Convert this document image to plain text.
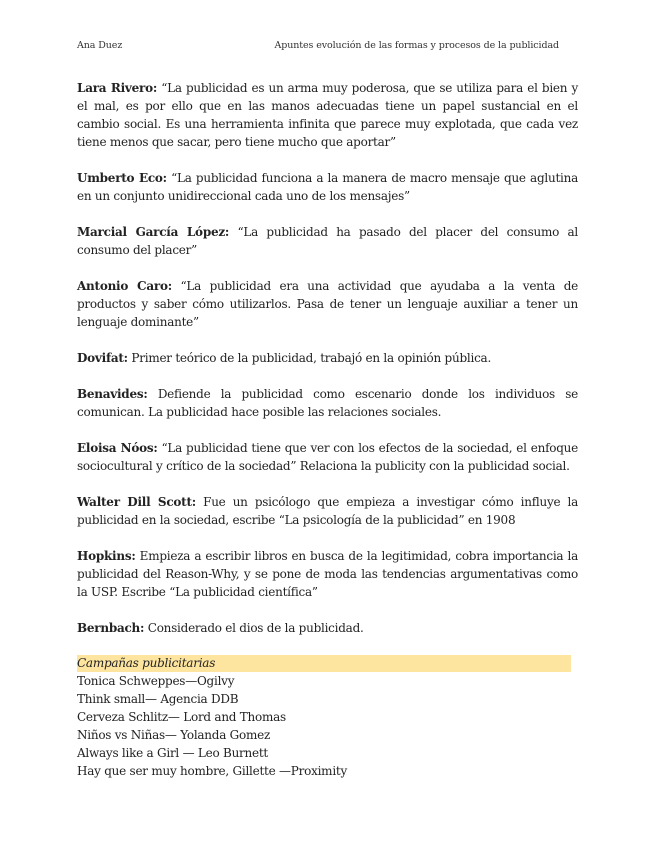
Ana Duez	Apuntes evolución de las formas y procesos de la publicidad

Lara Rivero: “La publicidad es un arma muy poderosa, que se utiliza para el bien y el mal, es por ello que en las manos adecuadas tiene un papel sustancial en el cambio social. Es una herramienta infinita que parece muy explotada, que cada vez tiene menos que sacar, pero tiene mucho que aportar”

Umberto Eco: “La publicidad funciona a la manera de macro mensaje que aglutina en un conjunto unidireccional cada uno de los mensajes”

Marcial García López: “La publicidad ha pasado del placer del consumo al consumo del placer”

Antonio Caro: “La publicidad era una actividad que ayudaba a la venta de productos y saber cómo utilizarlos. Pasa de tener un lenguaje auxiliar a tener un lenguaje dominante”

Dovifat: Primer teórico de la publicidad, trabajó en la opinión pública.

Benavides: Defiende la publicidad como escenario donde los individuos se comunican. La publicidad hace posible las relaciones sociales.

Eloisa Nóos: “La publicidad tiene que ver con los efectos de la sociedad, el enfoque sociocultural y crítico de la sociedad” Relaciona la publicity con la publicidad social.

Walter Dill Scott: Fue un psicólogo que empieza a investigar cómo influye la publicidad en la sociedad, escribe “La psicología de la publicidad” en 1908

Hopkins: Empieza a escribir libros en busca de la legitimidad, cobra importancia la publicidad del Reason-Why, y se pone de moda las tendencias argumentativas como la USP. Escribe “La publicidad científica”

Bernbach: Considerado el dios de la publicidad.

Campañas publicitarias
Tonica Schweppes—Ogilvy
Think small— Agencia DDB
Cerveza Schlitz— Lord and Thomas
Niños vs Niñas— Yolanda Gomez
Always like a Girl — Leo Burnett
Hay que ser muy hombre, Gillette —Proximity
